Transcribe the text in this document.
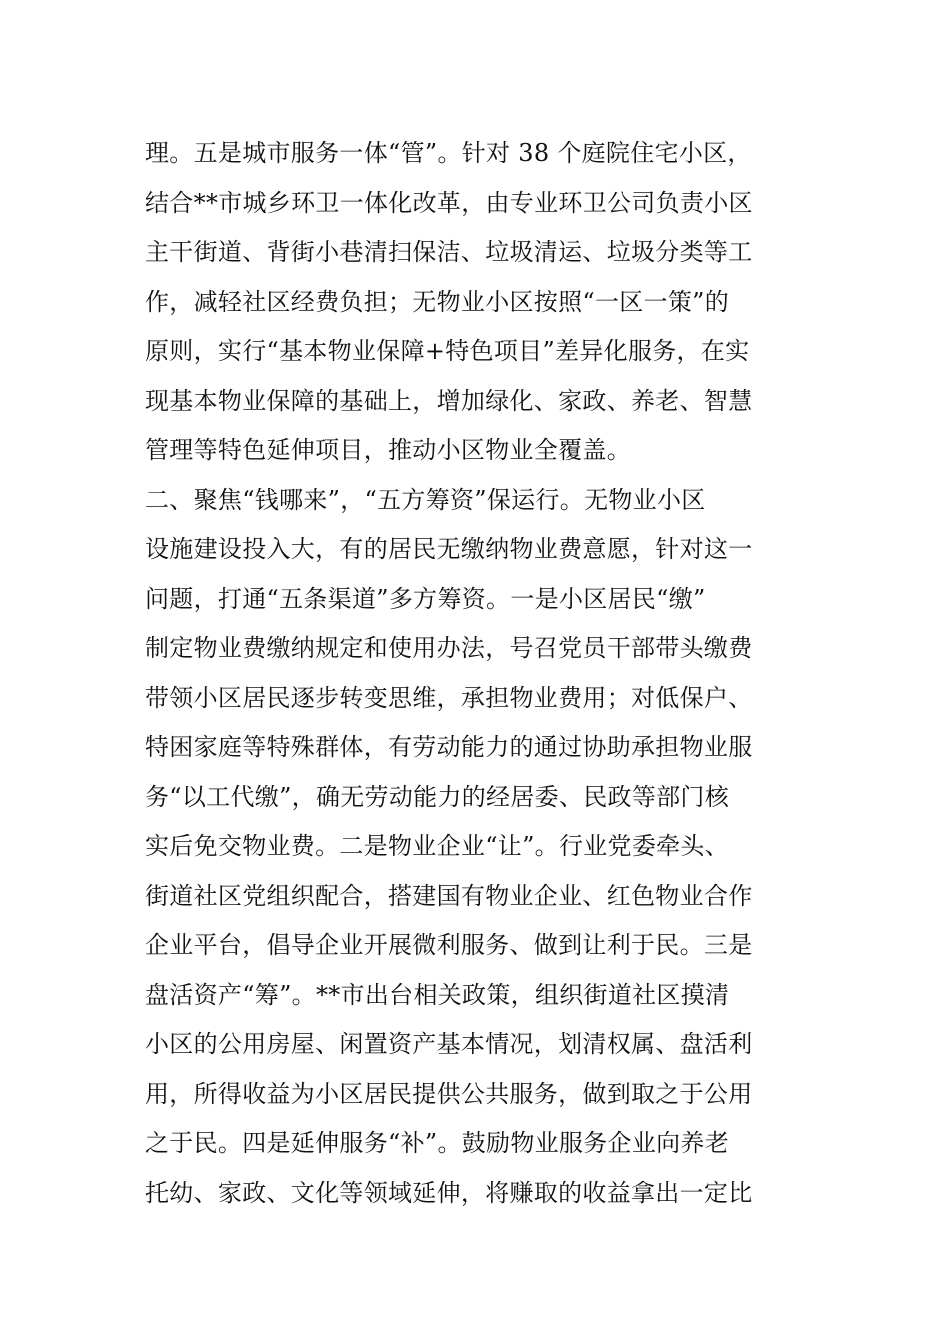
理。五是城市服务一体“管”。针对 38 个庭院住宅小区，
结合**市城乡环卫一体化改革，由专业环卫公司负责小区
主干街道、背街小巷清扫保洁、垃圾清运、垃圾分类等工
作，减轻社区经费负担；无物业小区按照“一区一策”的
原则，实行“基本物业保障+特色项目”差异化服务，在实
现基本物业保障的基础上，增加绿化、家政、养老、智慧
管理等特色延伸项目，推动小区物业全覆盖。
二、聚焦“钱哪来”，“五方筹资”保运行。无物业小区
设施建设投入大，有的居民无缴纳物业费意愿，针对这一
问题，打通“五条渠道”多方筹资。一是小区居民“缴”
制定物业费缴纳规定和使用办法，号召党员干部带头缴费
带领小区居民逐步转变思维，承担物业费用；对低保户、
特困家庭等特殊群体，有劳动能力的通过协助承担物业服
务“以工代缴”，确无劳动能力的经居委、民政等部门核
实后免交物业费。二是物业企业“让”。行业党委牵头、
街道社区党组织配合，搭建国有物业企业、红色物业合作
企业平台，倡导企业开展微利服务、做到让利于民。三是
盘活资产“筹”。**市出台相关政策，组织街道社区摸清
小区的公用房屋、闲置资产基本情况，划清权属、盘活利
用，所得收益为小区居民提供公共服务，做到取之于公用
之于民。四是延伸服务“补”。鼓励物业服务企业向养老
托幼、家政、文化等领域延伸，将赚取的收益拿出一定比
